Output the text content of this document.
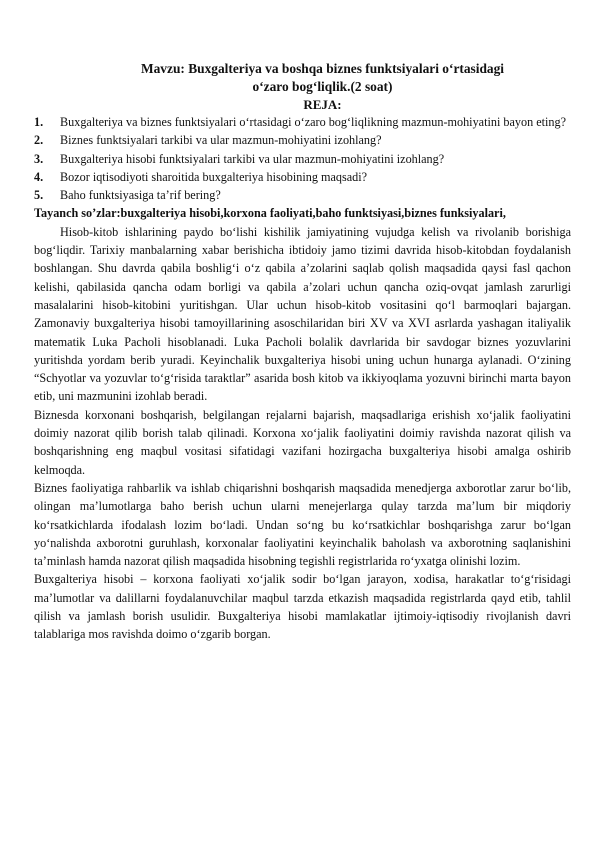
Mavzu: Buxgalteriya va boshqa biznes funktsiyalari o‘rtasidagi
o‘zaro bog‘liqlik.(2 soat)
REJA:
1.	Buxgalteriya va biznes funktsiyalari o‘rtasidagi o‘zaro bog‘liqlikning mazmun-mohiyatini bayon eting?
2.	Biznes funktsiyalari tarkibi va ular mazmun-mohiyatini izohlang?
3.	Buxgalteriya hisobi funktsiyalari tarkibi va ular mazmun-mohiyatini izohlang?
4.	Bozor iqtisodiyoti sharoitida buxgalteriya hisobining maqsadi?
5.	Baho funktsiyasiga ta’rif bering?
Tayanch so’zlar:buxgalteriya hisobi,korxona faoliyati,baho funktsiyasi,biznes funksiyalari,

Hisob-kitob ishlarining paydo bo‘lishi kishilik jamiyatining vujudga kelish va rivolanib borishiga bog‘liqdir. Tarixiy manbalarning xabar berishicha ibtidoiy jamo tizimi davrida hisob-kitobdan foydalanish boshlangan. Shu davrda qabila boshlig‘i o‘z qabila a’zolarini saqlab qolish maqsadida qaysi fasl qachon kelishi, qabilasida qancha odam borligi va qabila a’zolari uchun qancha oziq-ovqat jamlash zarurligi masalalarini hisob-kitobini yuritishgan. Ular uchun hisob-kitob vositasini qo‘l barmoqlari bajargan. Zamonaviy buxgalteriya hisobi tamoyillarining asoschilaridan biri XV va XVI asrlarda yashagan italiyalik matematik Luka Pacholi hisoblanadi. Luka Pacholi bolalik davrlarida bir savdogar biznes yozuvlarini yuritishda yordam berib yuradi. Keyinchalik buxgalteriya hisobi uning uchun hunarga aylanadi. O‘zining “Schyotlar va yozuvlar to‘g‘risida taraktlar” asarida bosh kitob va ikkiyoqlama yozuvni birinchi marta bayon etib, uni mazmunini izohlab beradi.

Biznesda korxonani boshqarish, belgilangan rejalarni bajarish, maqsadlariga erishish xo‘jalik faoliyatini doimiy nazorat qilib borish talab qilinadi. Korxona xo‘jalik faoliyatini doimiy ravishda nazorat qilish va boshqarishning eng maqbul vositasi sifatidagi vazifani hozirgacha buxgalteriya hisobi amalga oshirib kelmoqda.

Biznes faoliyatiga rahbarlik va ishlab chiqarishni boshqarish maqsadida menedjerga axborotlar zarur bo‘lib, olingan ma’lumotlarga baho berish uchun ularni menejerlarga qulay tarzda ma’lum bir miqdoriy ko‘rsatkichlarda ifodalash lozim bo‘ladi. Undan so‘ng bu ko‘rsatkichlar boshqarishga zarur bo‘lgan yo‘nalishda axborotni guruhlash, korxonalar faoliyatini keyinchalik baholash va axborotning saqlanishini ta’minlash hamda nazorat qilish maqsadida hisobning tegishli registrlarida ro‘yxatga olinishi lozim.

Buxgalteriya hisobi – korxona faoliyati xo‘jalik sodir bo‘lgan jarayon, xodisa, harakatlar to‘g‘risidagi ma’lumotlar va dalillarni foydalanuvchilar maqbul tarzda etkazish maqsadida registrlarda qayd etib, tahlil qilish va jamlash borish usulidir. Buxgalteriya hisobi mamlakatlar ijtimoiy-iqtisodiy rivojlanish davri talablariga mos ravishda doimo o‘zgarib borgan.
